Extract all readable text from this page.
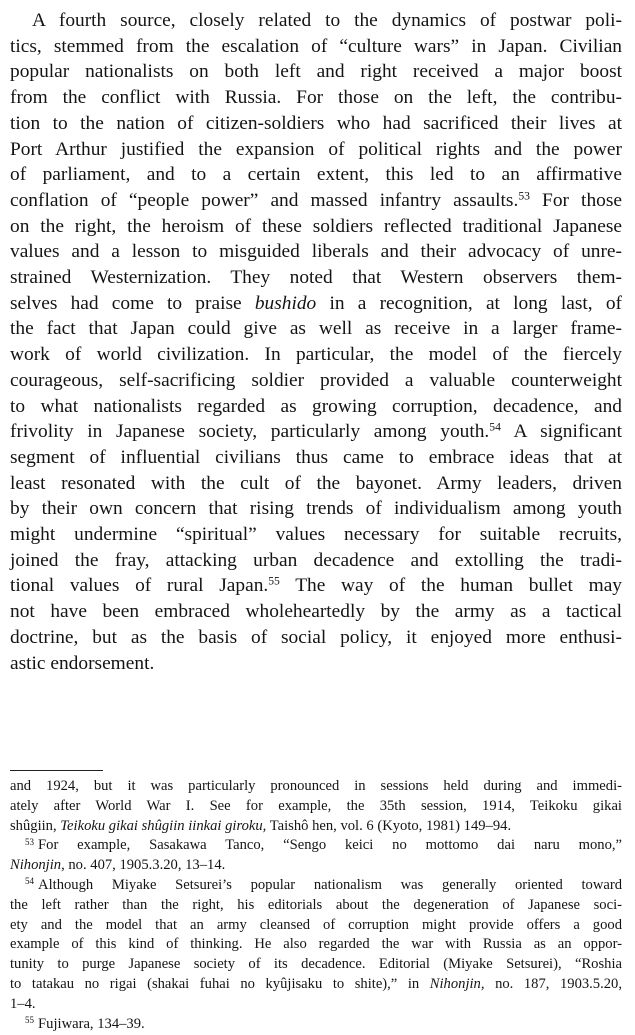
A fourth source, closely related to the dynamics of postwar poli-
tics, stemmed from the escalation of “culture wars” in Japan. Civilian
popular nationalists on both left and right received a major boost
from the conflict with Russia. For those on the left, the contribu-
tion to the nation of citizen-soldiers who had sacrificed their lives at
Port Arthur justified the expansion of political rights and the power
of parliament, and to a certain extent, this led to an affirmative
conflation of “people power” and massed infantry assaults.$^{53}$ For those
on the right, the heroism of these soldiers reflected traditional Japanese
values and a lesson to misguided liberals and their advocacy of unre-
strained Westernization. They noted that Western observers them-
selves had come to praise bushido in a recognition, at long last, of
the fact that Japan could give as well as receive in a larger frame-
work of world civilization. In particular, the model of the fiercely
courageous, self-sacrificing soldier provided a valuable counterweight
to what nationalists regarded as growing corruption, decadence, and
frivolity in Japanese society, particularly among youth.$^{54}$ A significant
segment of influential civilians thus came to embrace ideas that at
least resonated with the cult of the bayonet. Army leaders, driven
by their own concern that rising trends of individualism among youth
might undermine “spiritual” values necessary for suitable recruits,
joined the fray, attacking urban decadence and extolling the tradi-
tional values of rural Japan.$^{55}$ The way of the human bullet may
not have been embraced wholeheartedly by the army as a tactical
doctrine, but as the basis of social policy, it enjoyed more enthusi-
astic endorsement.

and 1924, but it was particularly pronounced in sessions held during and immedi-
ately after World War I. See for example, the 35th session, 1914, Teikoku gikai
shûgiin, Teikoku gikai shûgiin iinkai giroku, Taishô hen, vol. 6 (Kyoto, 1981) 149–94.
$^{53}$ For example, Sasakawa Tanco, “Sengo keici no mottomo dai naru mono,”
Nihonjin, no. 407, 1905.3.20, 13–14.
$^{54}$ Although Miyake Setsurei’s popular nationalism was generally oriented toward
the left rather than the right, his editorials about the degeneration of Japanese soci-
ety and the model that an army cleansed of corruption might provide offers a good
example of this kind of thinking. He also regarded the war with Russia as an oppor-
tunity to purge Japanese society of its decadence. Editorial (Miyake Setsurei), “Roshia
to tatakau no rigai (shakai fuhai no kyûjisaku to shite),” in Nihonjin, no. 187, 1903.5.20,
1–4.
$^{55}$ Fujiwara, 134–39.
